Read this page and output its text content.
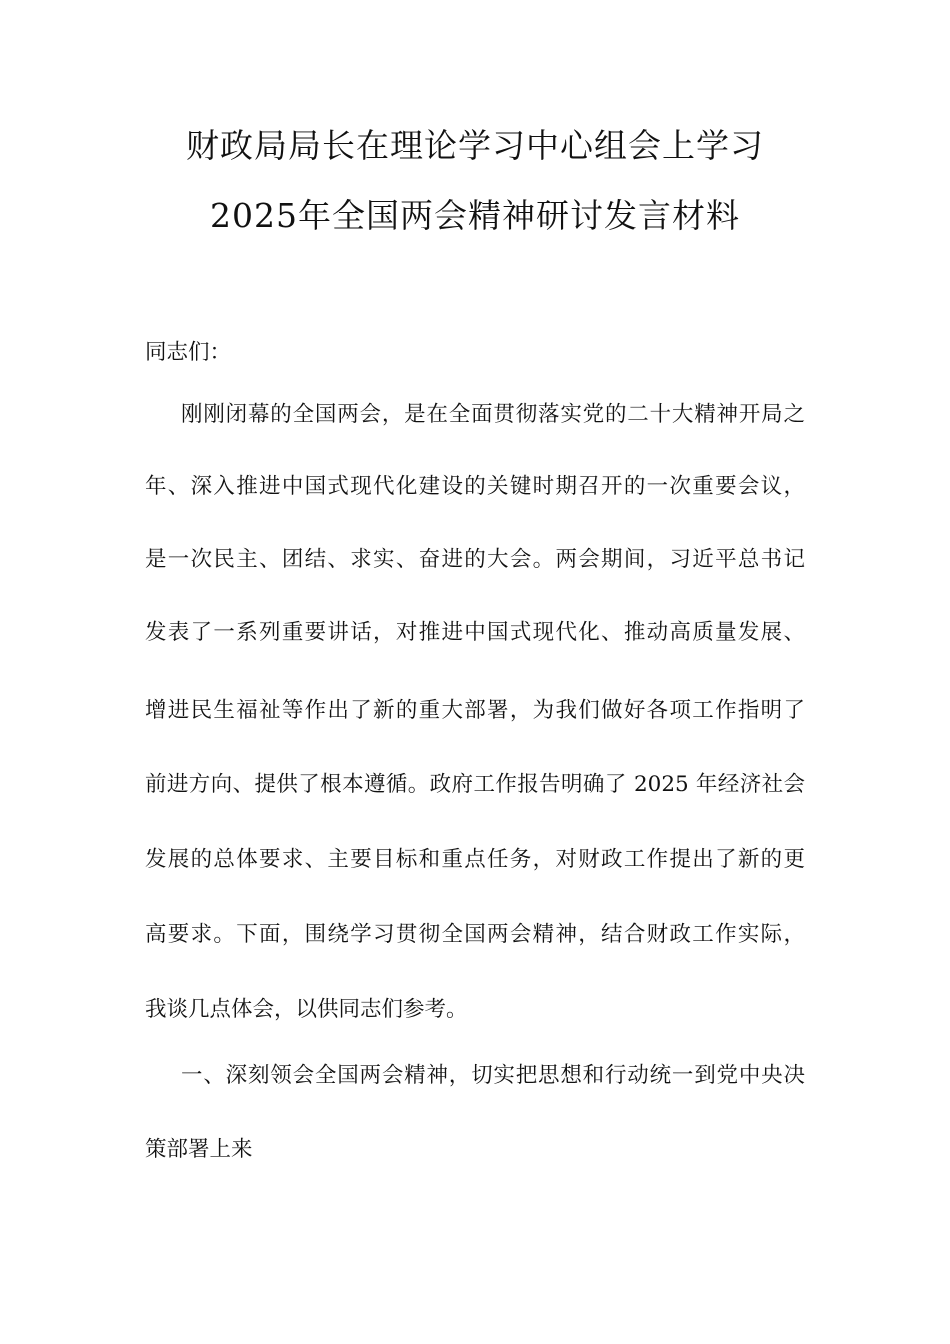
财政局局长在理论学习中心组会上学习
2025年全国两会精神研讨发言材料
同志们：
刚刚闭幕的全国两会，是在全面贯彻落实党的二十大精神开局之
年、深入推进中国式现代化建设的关键时期召开的一次重要会议，
是一次民主、团结、求实、奋进的大会。两会期间，习近平总书记
发表了一系列重要讲话，对推进中国式现代化、推动高质量发展、
增进民生福祉等作出了新的重大部署，为我们做好各项工作指明了
前进方向、提供了根本遵循。政府工作报告明确了 2025 年经济社会
发展的总体要求、主要目标和重点任务，对财政工作提出了新的更
高要求。下面，围绕学习贯彻全国两会精神，结合财政工作实际，
我谈几点体会，以供同志们参考。
一、深刻领会全国两会精神，切实把思想和行动统一到党中央决
策部署上来
